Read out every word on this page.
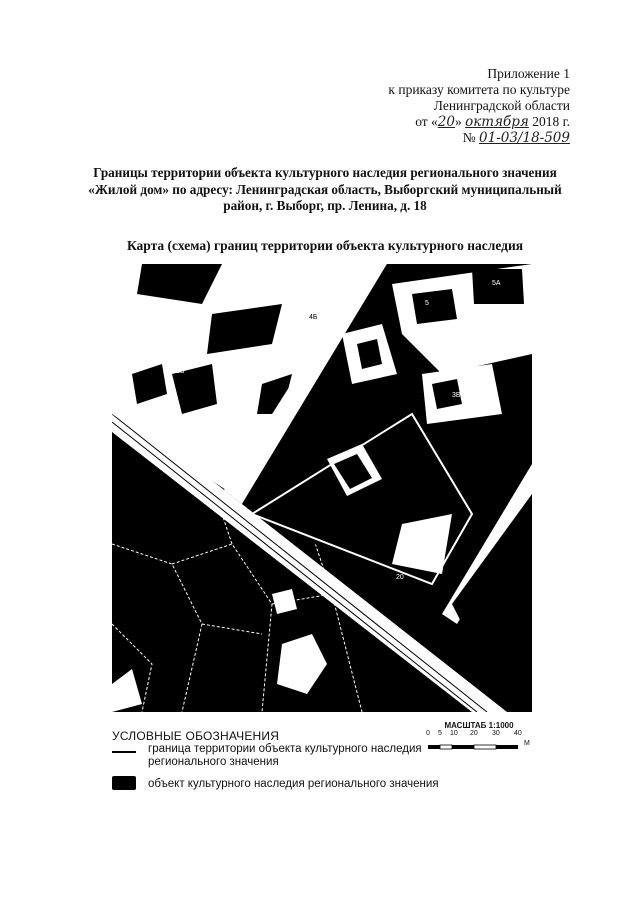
Приложение 1
к приказу комитета по культуре
Ленинградской области
от «20» октября 2018 г.
№ 01-03/18-509
Границы территории объекта культурного наследия регионального значения
«Жилой дом» по адресу: Ленинградская область, Выборгский муниципальный
район, г. Выборг, пр. Ленина, д. 18
Карта (схема) границ территории объекта культурного наследия
N
4А
4Б
3
5
5А
1Б
3В
20
6
УСЛОВНЫЕ ОБОЗНАЧЕНИЯ
граница территории объекта культурного наследия
регионального значения
объект культурного наследия регионального значения
МАСШТАБ 1:1000
0 5 10 20 30 40
M
